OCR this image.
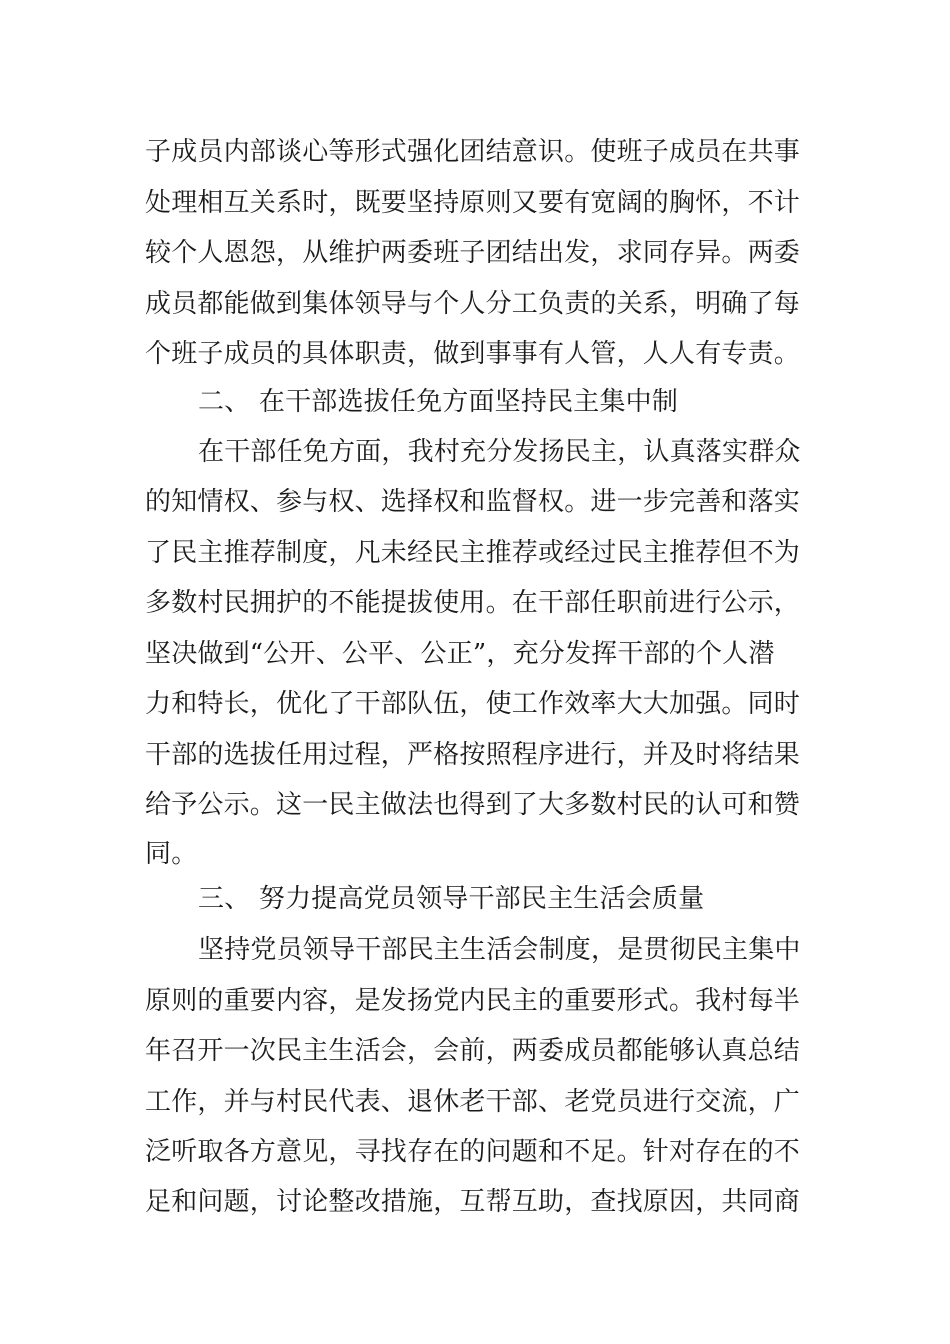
子成员内部谈心等形式强化团结意识。使班子成员在共事
处理相互关系时，既要坚持原则又要有宽阔的胸怀，不计
较个人恩怨，从维护两委班子团结出发，求同存异。两委
成员都能做到集体领导与个人分工负责的关系，明确了每
个班子成员的具体职责，做到事事有人管，人人有专责。
二、 在干部选拔任免方面坚持民主集中制
在干部任免方面，我村充分发扬民主，认真落实群众
的知情权、参与权、选择权和监督权。进一步完善和落实
了民主推荐制度，凡未经民主推荐或经过民主推荐但不为
多数村民拥护的不能提拔使用。在干部任职前进行公示，
坚决做到“公开、公平、公正”，充分发挥干部的个人潜
力和特长，优化了干部队伍，使工作效率大大加强。同时
干部的选拔任用过程，严格按照程序进行，并及时将结果
给予公示。这一民主做法也得到了大多数村民的认可和赞
同。
三、 努力提高党员领导干部民主生活会质量
坚持党员领导干部民主生活会制度，是贯彻民主集中
原则的重要内容，是发扬党内民主的重要形式。我村每半
年召开一次民主生活会，会前，两委成员都能够认真总结
工作，并与村民代表、退休老干部、老党员进行交流，广
泛听取各方意见，寻找存在的问题和不足。针对存在的不
足和问题，讨论整改措施，互帮互助，查找原因，共同商
